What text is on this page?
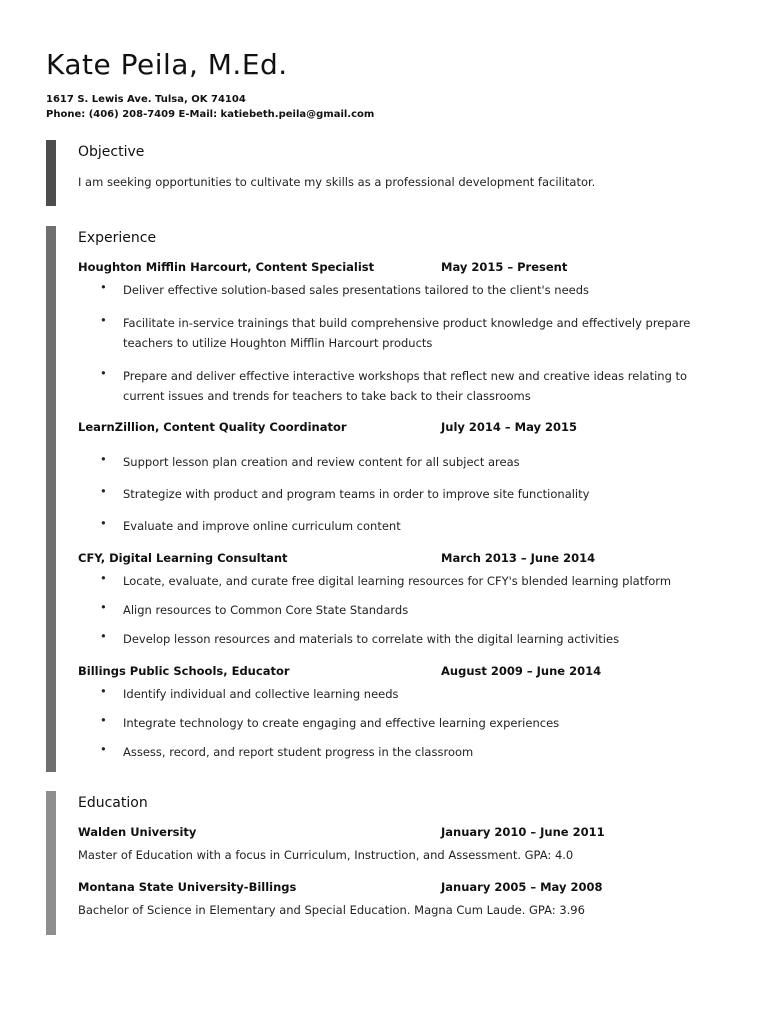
Kate Peila, M.Ed.
1617 S. Lewis Ave. Tulsa, OK 74104
Phone: (406) 208-7409 E-Mail: katiebeth.peila@gmail.com
Objective
I am seeking opportunities to cultivate my skills as a professional development facilitator.
Experience
Houghton Mifflin Harcourt, Content Specialist	May 2015 – Present
• Deliver effective solution-based sales presentations tailored to the client's needs
• Facilitate in-service trainings that build comprehensive product knowledge and effectively prepare teachers to utilize Houghton Mifflin Harcourt products
• Prepare and deliver effective interactive workshops that reflect new and creative ideas relating to current issues and trends for teachers to take back to their classrooms
LearnZillion, Content Quality Coordinator	July 2014 – May 2015
• Support lesson plan creation and review content for all subject areas
• Strategize with product and program teams in order to improve site functionality
• Evaluate and improve online curriculum content
CFY, Digital Learning Consultant	March 2013 – June 2014
• Locate, evaluate, and curate free digital learning resources for CFY's blended learning platform
• Align resources to Common Core State Standards
• Develop lesson resources and materials to correlate with the digital learning activities
Billings Public Schools, Educator	August 2009 – June 2014
• Identify individual and collective learning needs
• Integrate technology to create engaging and effective learning experiences
• Assess, record, and report student progress in the classroom
Education
Walden University	January 2010 – June 2011
Master of Education with a focus in Curriculum, Instruction, and Assessment. GPA: 4.0
Montana State University-Billings	January 2005 – May 2008
Bachelor of Science in Elementary and Special Education. Magna Cum Laude. GPA: 3.96
